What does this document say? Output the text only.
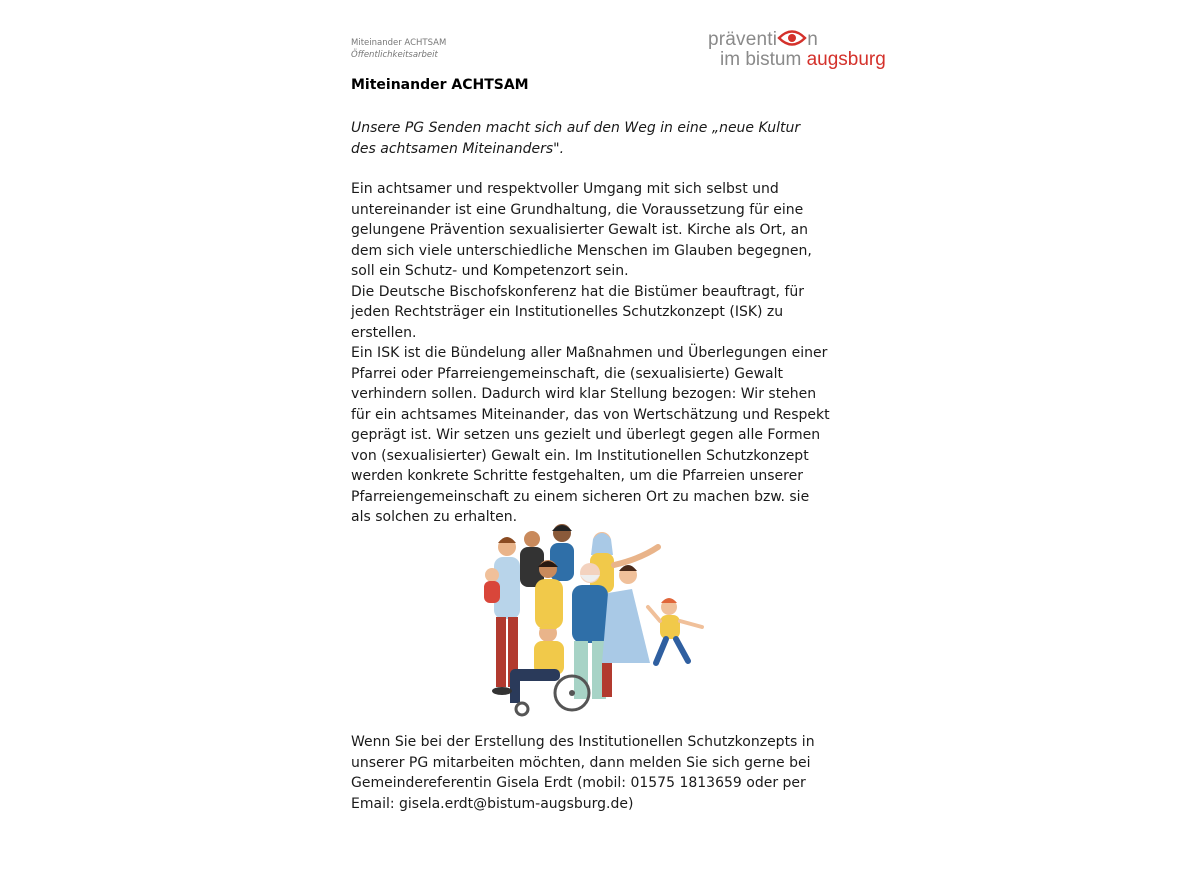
Miteinander ACHTSAM
Öffentlichkeitsarbeit
präventi n
im bistum augsburg
Miteinander ACHTSAM
Unsere PG Senden macht sich auf den Weg in eine „neue Kultur des achtsamen Miteinanders".

Ein achtsamer und respektvoller Umgang mit sich selbst und untereinander ist eine Grundhaltung, die Voraussetzung für eine gelungene Prävention sexualisierter Gewalt ist. Kirche als Ort, an dem sich viele unterschiedliche Menschen im Glauben begegnen, soll ein Schutz- und Kompetenzort sein.

Die Deutsche Bischofskonferenz hat die Bistümer beauftragt, für jeden Rechtsträger ein Institutionelles Schutzkonzept (ISK) zu erstellen.

Ein ISK ist die Bündelung aller Maßnahmen und Überlegungen einer Pfarrei oder Pfarreiengemeinschaft, die (sexualisierte) Gewalt verhindern sollen. Dadurch wird klar Stellung bezogen: Wir stehen für ein achtsames Miteinander, das von Wertschätzung und Respekt geprägt ist. Wir setzen uns gezielt und überlegt gegen alle Formen von (sexualisierter) Gewalt ein. Im Institutionellen Schutzkonzept werden konkrete Schritte festgehalten, um die Pfarreien unserer Pfarreiengemeinschaft zu einem sicheren Ort zu machen bzw. sie als solchen zu erhalten.

Wenn Sie bei der Erstellung des Institutionellen Schutzkonzepts in unserer PG mitarbeiten möchten, dann melden Sie sich gerne bei Gemeindereferentin Gisela Erdt (mobil: 01575 1813659 oder per Email: gisela.erdt@bistum-augsburg.de)
